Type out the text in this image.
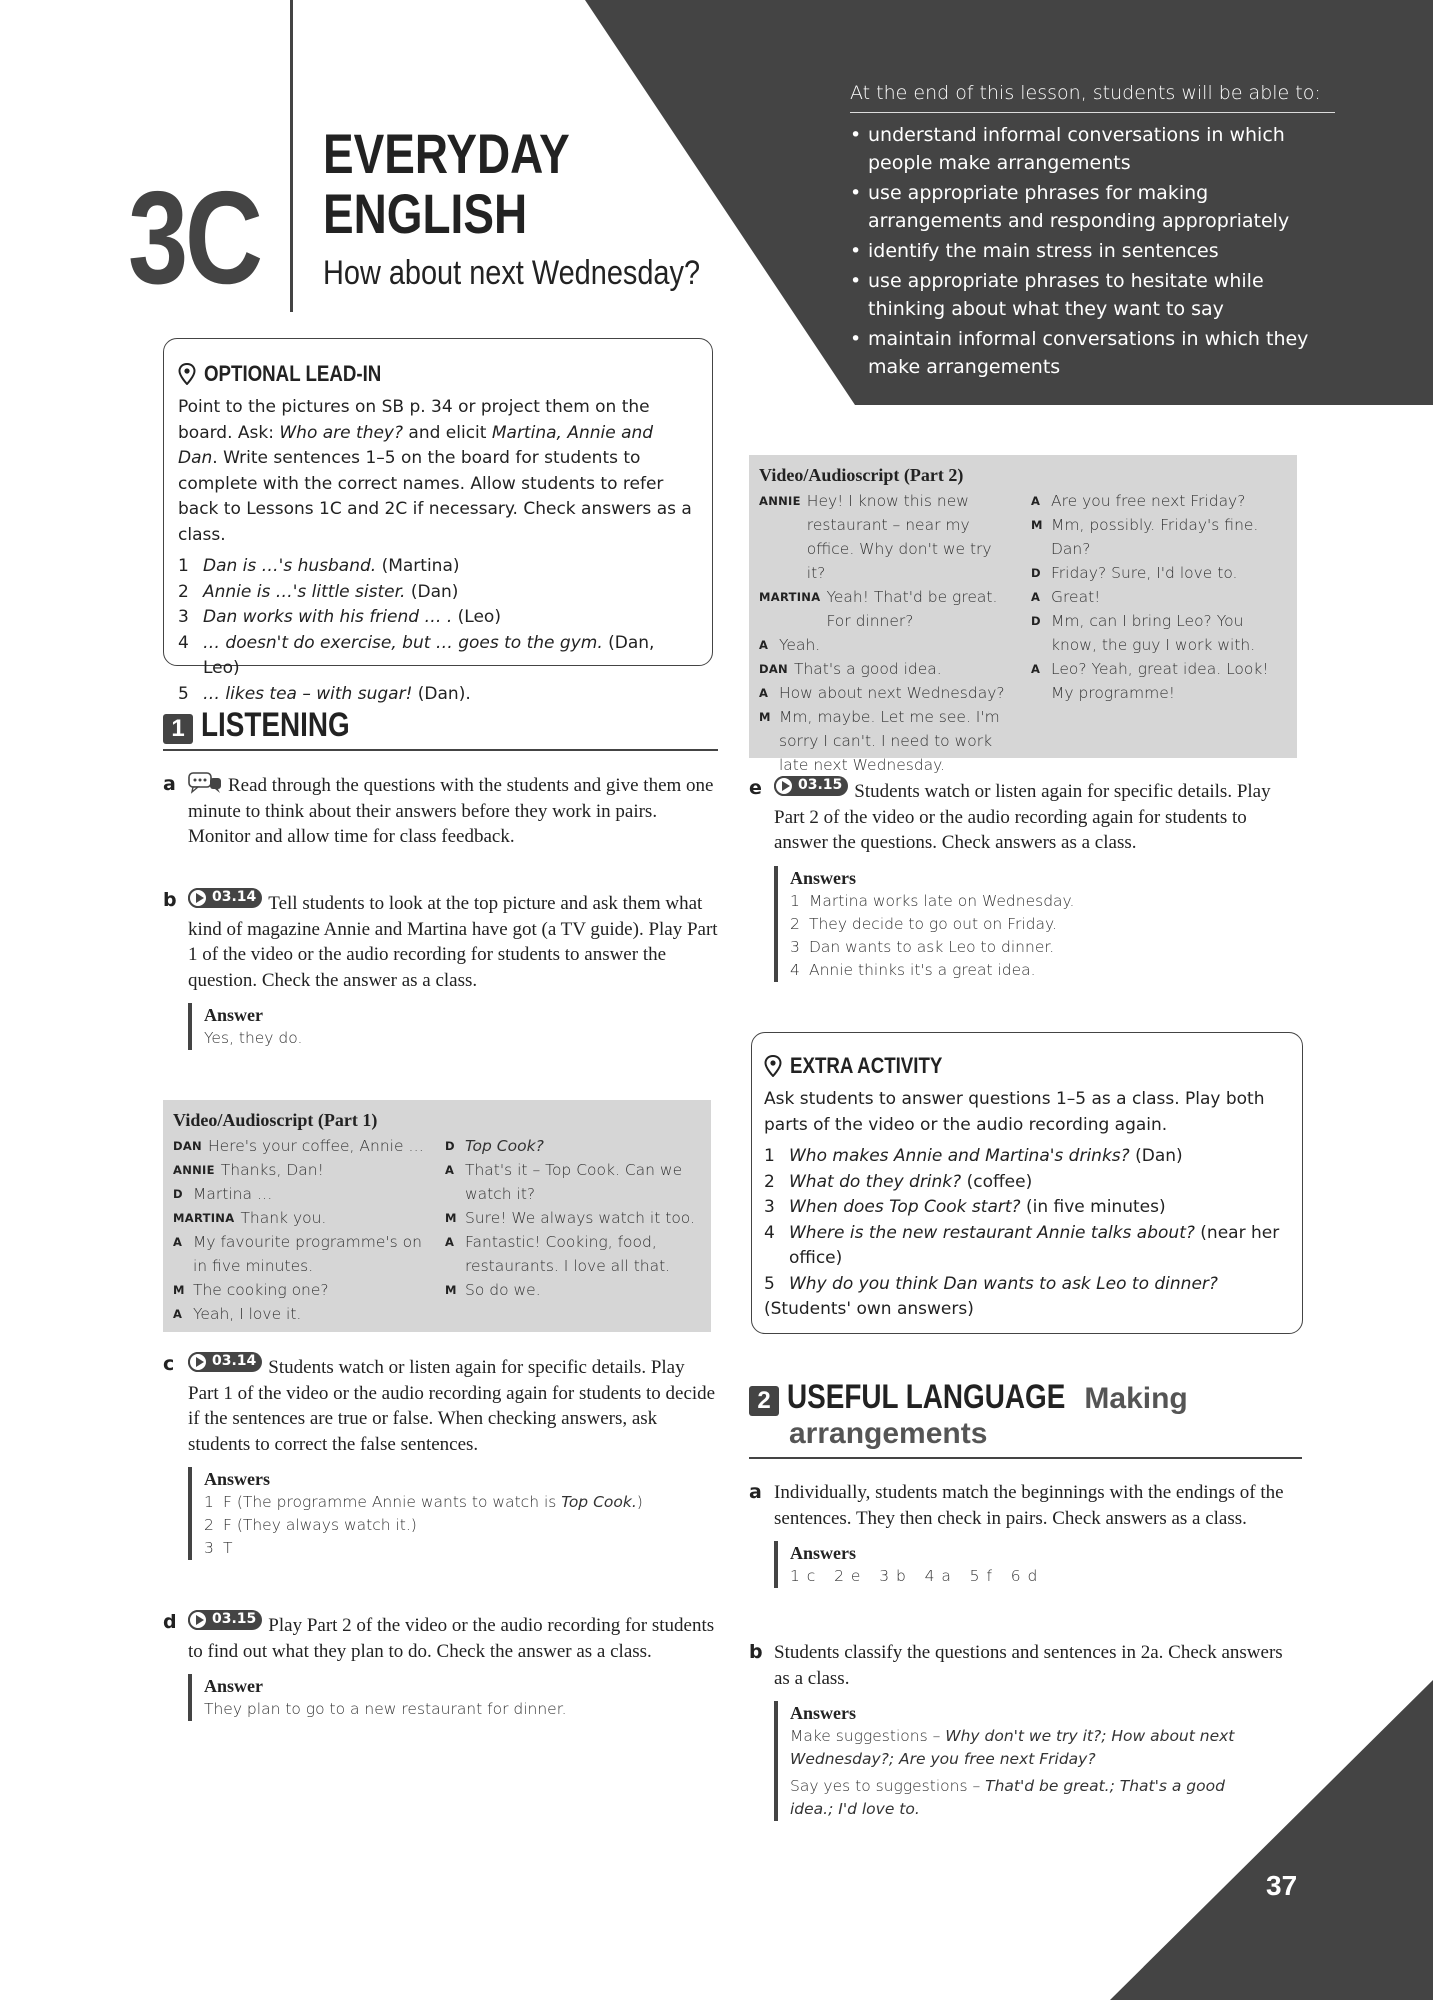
3C
EVERYDAY
ENGLISH
How about next Wednesday?
At the end of this lesson, students will be able to:
• understand informal conversations in which people make arrangements
• use appropriate phrases for making arrangements and responding appropriately
• identify the main stress in sentences
• use appropriate phrases to hesitate while thinking about what they want to say
• maintain informal conversations in which they make arrangements
OPTIONAL LEAD-IN

Point to the pictures on SB p. 34 or project them on the board. Ask: Who are they? and elicit Martina, Annie and Dan. Write sentences 1–5 on the board for students to complete with the correct names. Allow students to refer back to Lessons 1C and 2C if necessary. Check answers as a class.

1 Dan is …'s husband. (Martina)
2 Annie is …'s little sister. (Dan)
3 Dan works with his friend … . (Leo)
4 … doesn't do exercise, but … goes to the gym. (Dan, Leo)
5 … likes tea – with sugar! (Dan).
1 LISTENING
a	Read through the questions with the students and give them one minute to think about their answers before they work in pairs. Monitor and allow time for class feedback.
b	03.14 Tell students to look at the top picture and ask them what kind of magazine Annie and Martina have got (a TV guide). Play Part 1 of the video or the audio recording for students to answer the question. Check the answer as a class.
Answer
Yes, they do.
Video/Audioscript (Part 1)
DAN Here's your coffee, Annie …
ANNIE Thanks, Dan!
D Martina …
MARTINA Thank you.
A My favourite programme's on in five minutes.
M The cooking one?
A Yeah, I love it.
D Top Cook?
A That's it – Top Cook. Can we watch it?
M Sure! We always watch it too.
A Fantastic! Cooking, food, restaurants. I love all that.
M So do we.
c	03.14 Students watch or listen again for specific details. Play Part 1 of the video or the audio recording again for students to decide if the sentences are true or false. When checking answers, ask students to correct the false sentences.
Answers
1 F (The programme Annie wants to watch is Top Cook.)
2 F (They always watch it.)
3 T
d	03.15 Play Part 2 of the video or the audio recording for students to find out what they plan to do. Check the answer as a class.
Answer
They plan to go to a new restaurant for dinner.
Video/Audioscript (Part 2)
ANNIE Hey! I know this new restaurant – near my office. Why don't we try it?
MARTINA Yeah! That'd be great. For dinner?
A Yeah.
DAN That's a good idea.
A How about next Wednesday?
M Mm, maybe. Let me see. I'm sorry I can't. I need to work late next Wednesday.
A Are you free next Friday?
M Mm, possibly. Friday's fine. Dan?
D Friday? Sure, I'd love to.
A Great!
D Mm, can I bring Leo? You know, the guy I work with.
A Leo? Yeah, great idea. Look! My programme!
e	03.15 Students watch or listen again for specific details. Play Part 2 of the video or the audio recording again for students to answer the questions. Check answers as a class.
Answers
1 Martina works late on Wednesday.
2 They decide to go out on Friday.
3 Dan wants to ask Leo to dinner.
4 Annie thinks it's a great idea.
EXTRA ACTIVITY

Ask students to answer questions 1–5 as a class. Play both parts of the video or the audio recording again.

1 Who makes Annie and Martina's drinks? (Dan)
2 What do they drink? (coffee)
3 When does Top Cook start? (in five minutes)
4 Where is the new restaurant Annie talks about? (near her office)
5 Why do you think Dan wants to ask Leo to dinner?
(Students' own answers)
2 USEFUL LANGUAGE Making
arrangements
a Individually, students match the beginnings with the endings of the sentences. They then check in pairs. Check answers as a class.
Answers
1 c   2 e   3 b   4 a   5 f   6 d
b Students classify the questions and sentences in 2a. Check answers as a class.
Answers
Make suggestions – Why don't we try it?; How about next Wednesday?; Are you free next Friday?
Say yes to suggestions – That'd be great.; That's a good idea.; I'd love to.
37
